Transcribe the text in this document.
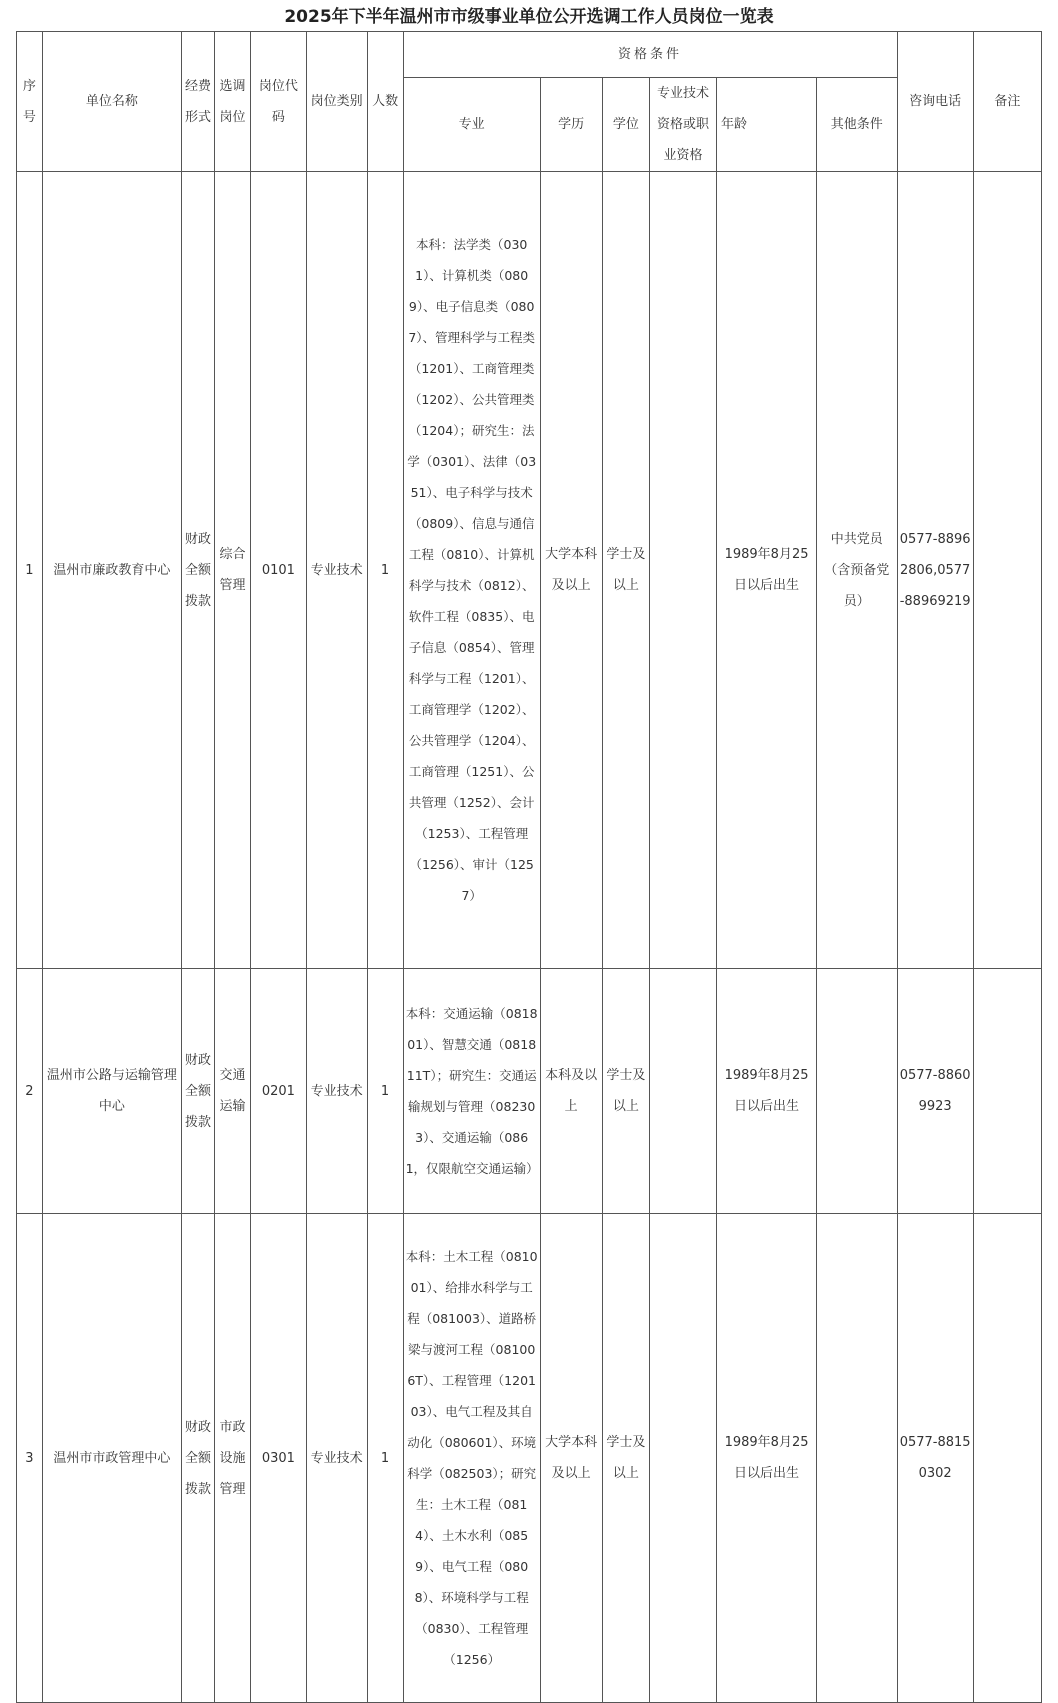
2025年下半年温州市市级事业单位公开选调工作人员岗位一览表
序号	单位名称	经费形式	选调岗位	岗位代码	岗位类别	人数	资格条件						咨询电话	备注
							专业	学历	学位	专业技术资格或职业资格	年龄	其他条件		
1	温州市廉政教育中心	财政全额拨款	综合管理	0101	专业技术	1	本科：法学类（0301）、计算机类（0809）、电子信息类（0807）、管理科学与工程类（1201）、工商管理类（1202）、公共管理类（1204）；研究生：法学（0301）、法律（0351）、电子科学与技术（0809）、信息与通信工程（0810）、计算机科学与技术（0812）、软件工程（0835）、电子信息（0854）、管理科学与工程（1201）、工商管理学（1202）、公共管理学（1204）、工商管理（1251）、公共管理（1252）、会计（1253）、工程管理（1256）、审计（1257）	大学本科及以上	学士及以上		1989年8月25日以后出生	中共党员（含预备党员）	0577-88962806,0577-88969219	
2	温州市公路与运输管理中心	财政全额拨款	交通运输	0201	专业技术	1	本科：交通运输（081801）、智慧交通（081811T）；研究生：交通运输规划与管理（082303）、交通运输（0861，仅限航空交通运输）	本科及以上	学士及以上		1989年8月25日以后出生		0577-88609923	
3	温州市市政管理中心	财政全额拨款	市政设施管理	0301	专业技术	1	本科：土木工程（081001）、给排水科学与工程（081003）、道路桥梁与渡河工程（081006T）、工程管理（120103）、电气工程及其自动化（080601）、环境科学（082503）；研究生：土木工程（0814）、土木水利（0859）、电气工程（0808）、环境科学与工程（0830）、工程管理（1256）	大学本科及以上	学士及以上		1989年8月25日以后出生		0577-88150302	
